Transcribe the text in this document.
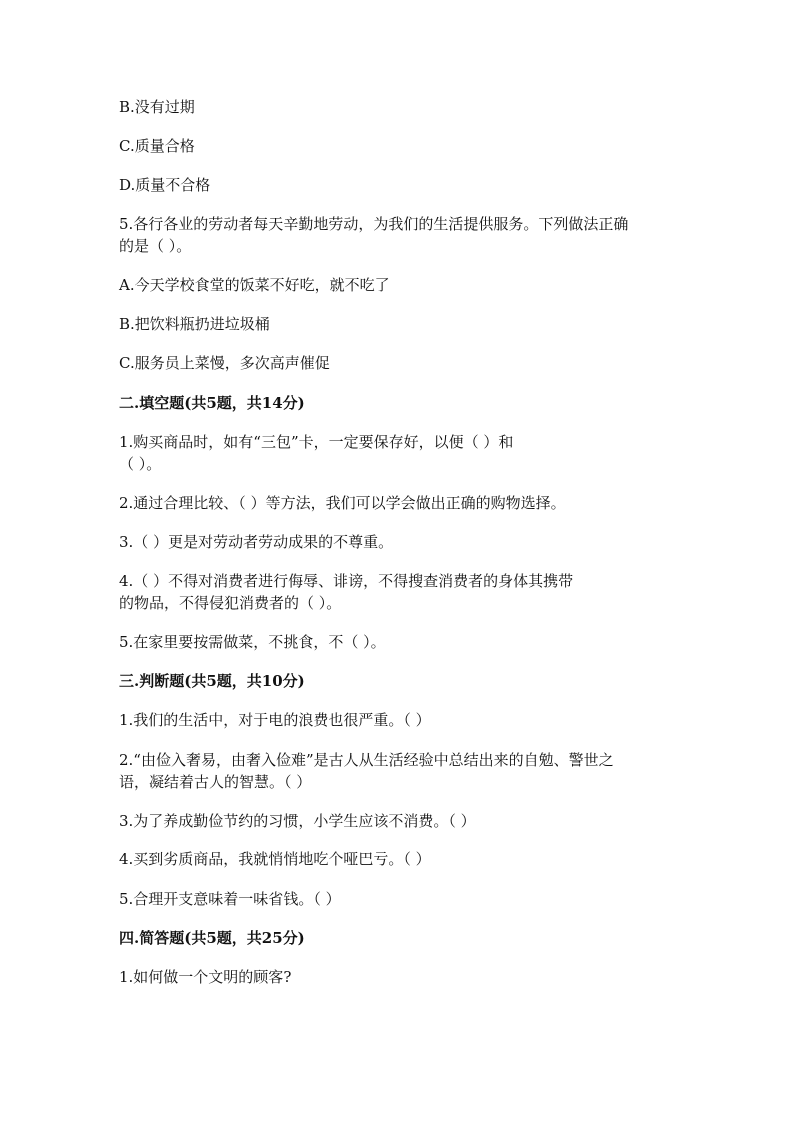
B.没有过期
C.质量合格
D.质量不合格
5.各行各业的劳动者每天辛勤地劳动，为我们的生活提供服务。下列做法正确
的是（ ）。
A.今天学校食堂的饭菜不好吃，就不吃了
B.把饮料瓶扔进垃圾桶
C.服务员上菜慢，多次高声催促
二.填空题(共5题，共14分)
1.购买商品时，如有“三包”卡，一定要保存好，以便（ ）和
（ ）。
2.通过合理比较、（ ）等方法，我们可以学会做出正确的购物选择。
3.（ ）更是对劳动者劳动成果的不尊重。
4.（ ）不得对消费者进行侮辱、诽谤，不得搜查消费者的身体其携带
的物品，不得侵犯消费者的（ ）。
5.在家里要按需做菜，不挑食，不（ ）。
三.判断题(共5题，共10分)
1.我们的生活中，对于电的浪费也很严重。（ ）
2.“由俭入奢易，由奢入俭难”是古人从生活经验中总结出来的自勉、警世之
语，凝结着古人的智慧。（ ）
3.为了养成勤俭节约的习惯，小学生应该不消费。（ ）
4.买到劣质商品，我就悄悄地吃个哑巴亏。（ ）
5.合理开支意味着一味省钱。（ ）
四.简答题(共5题，共25分)
1.如何做一个文明的顾客?
